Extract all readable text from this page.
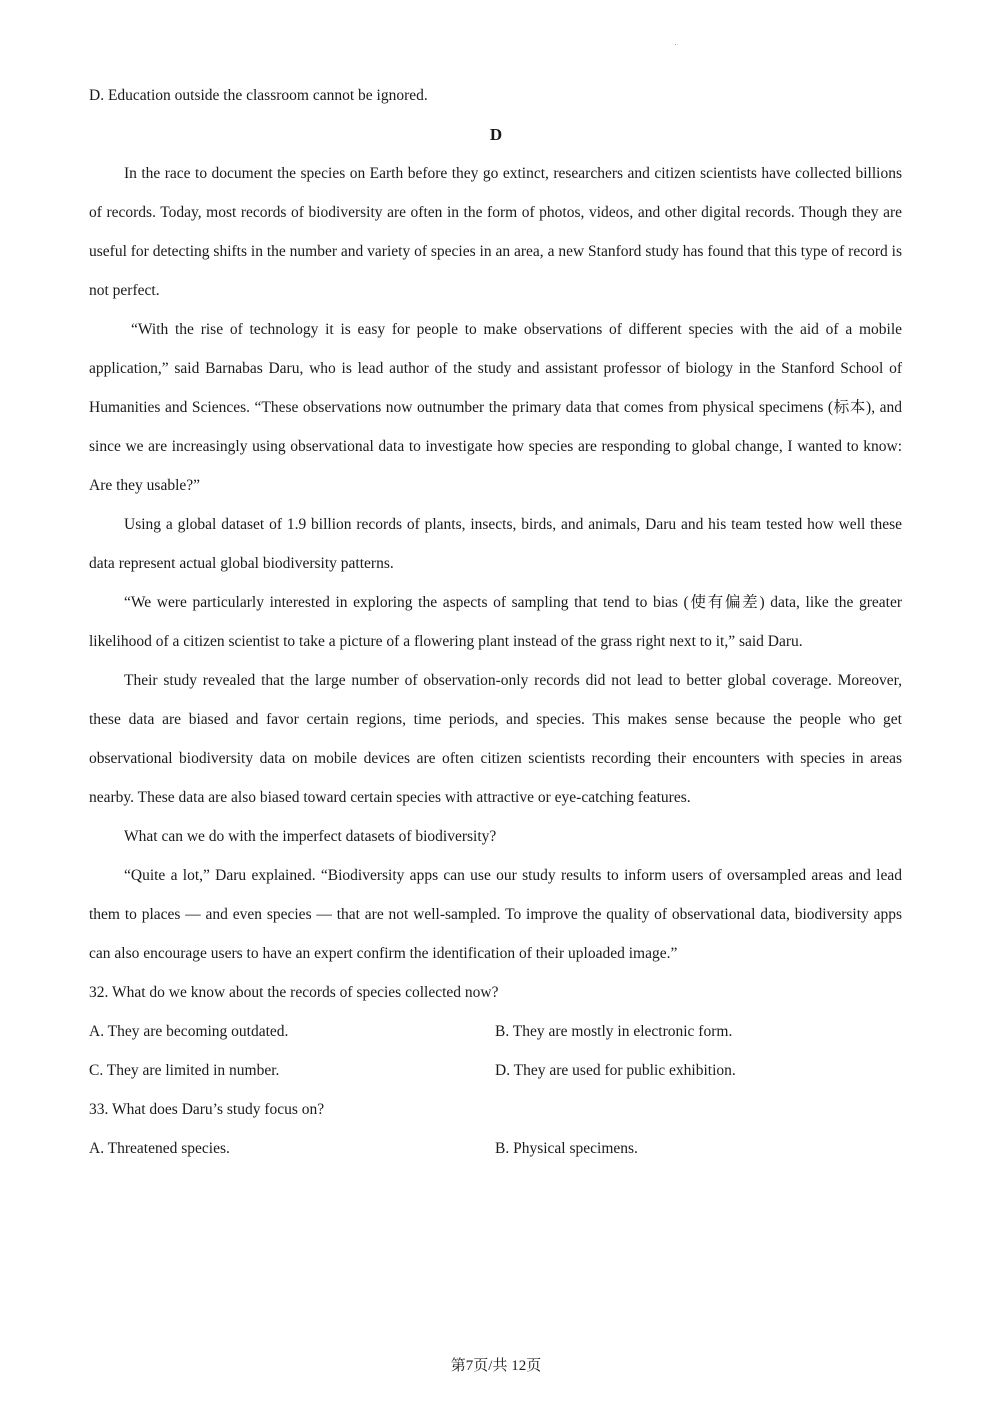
D. Education outside the classroom cannot be ignored.

D

In the race to document the species on Earth before they go extinct, researchers and citizen scientists have collected billions of records. Today, most records of biodiversity are often in the form of photos, videos, and other digital records. Though they are useful for detecting shifts in the number and variety of species in an area, a new Stanford study has found that this type of record is not perfect.

“With the rise of technology it is easy for people to make observations of different species with the aid of a mobile application,” said Barnabas Daru, who is lead author of the study and assistant professor of biology in the Stanford School of Humanities and Sciences. “These observations now outnumber the primary data that comes from physical specimens (标本), and since we are increasingly using observational data to investigate how species are responding to global change, I wanted to know: Are they usable?”

Using a global dataset of 1.9 billion records of plants, insects, birds, and animals, Daru and his team tested how well these data represent actual global biodiversity patterns.

“We were particularly interested in exploring the aspects of sampling that tend to bias (使有偏差) data, like the greater likelihood of a citizen scientist to take a picture of a flowering plant instead of the grass right next to it,” said Daru.

Their study revealed that the large number of observation-only records did not lead to better global coverage. Moreover, these data are biased and favor certain regions, time periods, and species. This makes sense because the people who get observational biodiversity data on mobile devices are often citizen scientists recording their encounters with species in areas nearby. These data are also biased toward certain species with attractive or eye-catching features.

What can we do with the imperfect datasets of biodiversity?

“Quite a lot,” Daru explained. “Biodiversity apps can use our study results to inform users of oversampled areas and lead them to places — and even species — that are not well-sampled. To improve the quality of observational data, biodiversity apps can also encourage users to have an expert confirm the identification of their uploaded image.”

32. What do we know about the records of species collected now?

A. They are becoming outdated.	B. They are mostly in electronic form.
C. They are limited in number.	D. They are used for public exhibition.

33. What does Daru’s study focus on?

A. Threatened species.	B. Physical specimens.
第7页/共 12页
